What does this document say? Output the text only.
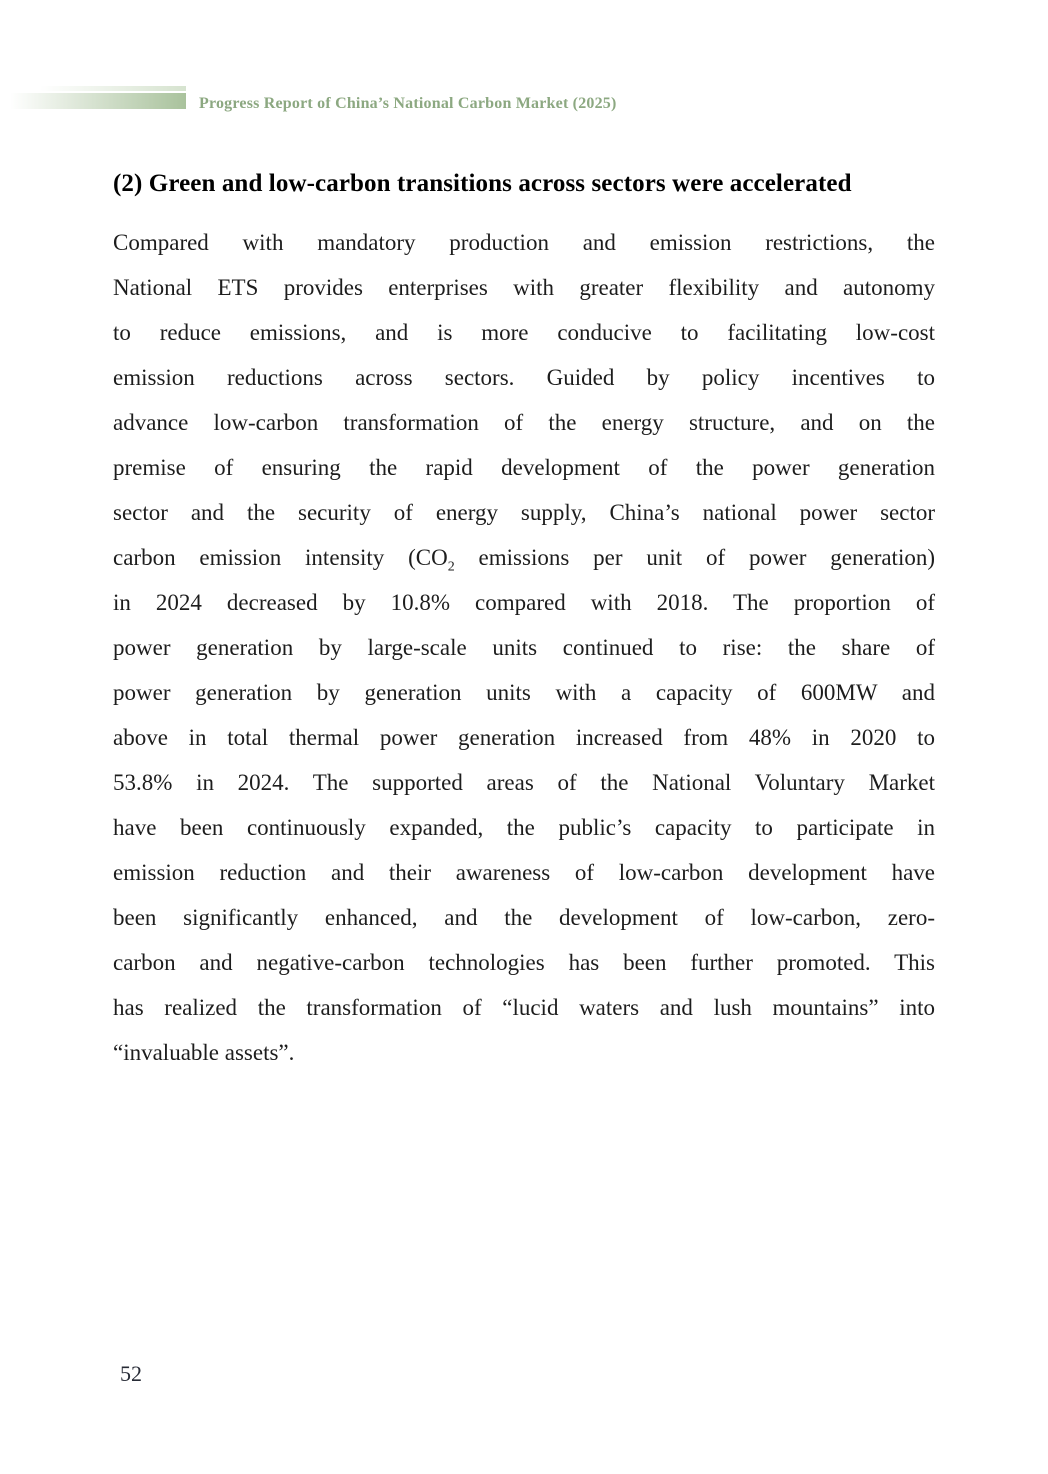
Progress Report of China’s National Carbon Market (2025)
(2) Green and low-carbon transitions across sectors were accelerated
Compared with mandatory production and emission restrictions, the
National ETS provides enterprises with greater flexibility and autonomy
to reduce emissions, and is more conducive to facilitating low-cost
emission reductions across sectors. Guided by policy incentives to
advance low-carbon transformation of the energy structure, and on the
premise of ensuring the rapid development of the power generation
sector and the security of energy supply, China’s national power sector
carbon emission intensity ($CO_2$ emissions per unit of power generation)
in 2024 decreased by 10.8% compared with 2018. The proportion of
power generation by large-scale units continued to rise: the share of
power generation by generation units with a capacity of 600MW and
above in total thermal power generation increased from 48% in 2020 to
53.8% in 2024. The supported areas of the National Voluntary Market
have been continuously expanded, the public’s capacity to participate in
emission reduction and their awareness of low-carbon development have
been significantly enhanced, and the development of low-carbon, zero-
carbon and negative-carbon technologies has been further promoted. This
has realized the transformation of “lucid waters and lush mountains” into
“invaluable assets”.
52
